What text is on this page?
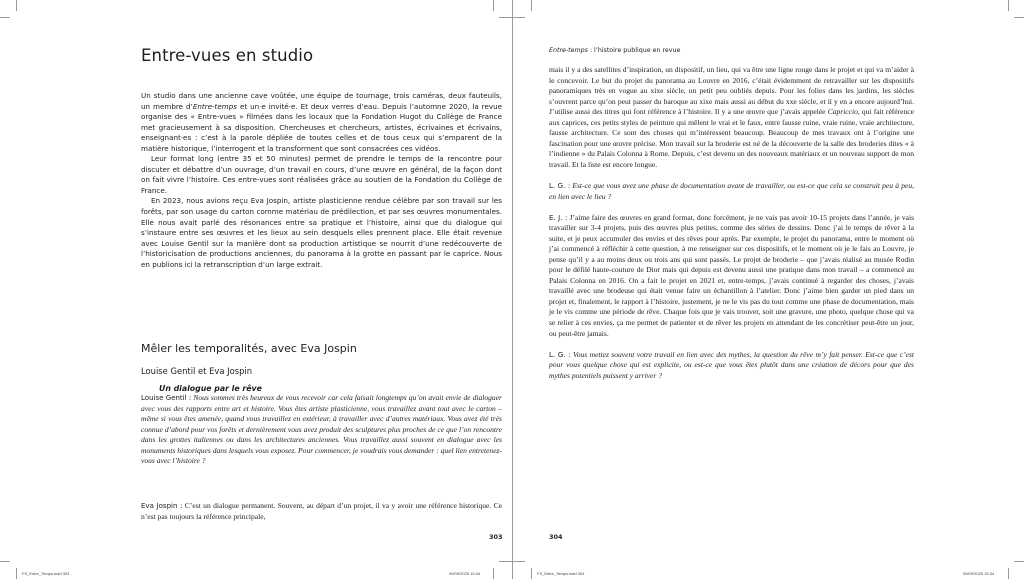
Entre-vues en studio

Un studio dans une ancienne cave voûtée, une équipe de tournage, trois caméras, deux fauteuils, un membre d’Entre-temps et un·e invité·e. Et deux verres d’eau. Depuis l’automne 2020, la revue organise des « Entre-vues » filmées dans les locaux que la Fondation Hugot du Collège de France met gracieusement à sa disposition. Chercheuses et chercheurs, artistes, écrivaines et écrivains, enseignant·es : c’est à la parole dépliée de toutes celles et de tous ceux qui s’emparent de la matière historique, l’interrogent et la transforment que sont consacrées ces vidéos.

Leur format long (entre 35 et 50 minutes) permet de prendre le temps de la rencontre pour discuter et débattre d’un ouvrage, d’un travail en cours, d’une œuvre en général, de la façon dont on fait vivre l’histoire. Ces entre-vues sont réalisées grâce au soutien de la Fondation du Collège de France.

En 2023, nous avions reçu Eva Jospin, artiste plasticienne rendue célèbre par son travail sur les forêts, par son usage du carton comme matériau de prédilection, et par ses œuvres monumentales. Elle nous avait parlé des résonances entre sa pratique et l’histoire, ainsi que du dialogue qui s’instaure entre ses œuvres et les lieux au sein desquels elles prennent place. Elle était revenue avec Louise Gentil sur la manière dont sa production artistique se nourrit d’une redécouverte de l’historicisation de productions anciennes, du panorama à la grotte en passant par le caprice. Nous en publions ici la retranscription d’un large extrait.

Mêler les temporalités, avec Eva Jospin
Louise Gentil et Eva Jospin
Un dialogue par le rêve

Louise Gentil : Nous sommes très heureux de vous recevoir car cela faisait longtemps qu’on avait envie de dialoguer avec vous des rapports entre art et histoire. Vous êtes artiste plasticienne, vous travaillez avant tout avec le carton – même si vous êtes amenée, quand vous travaillez en extérieur, à travailler avec d’autres matériaux. Vous avez été très connue d’abord pour vos forêts et dernièrement vous avez produit des sculptures plus proches de ce que l’on rencontre dans les grottes italiennes ou dans les architectures anciennes. Vous travaillez aussi souvent en dialogue avec les monuments historiques dans lesquels vous exposez. Pour commencer, je voudrais vous demander : quel lien entretenez-vous avec l’histoire ?

Eva Jospin : C’est un dialogue permanent. Souvent, au départ d’un projet, il va y avoir une référence historique. Ce n’est pas toujours la référence principale,

303
FS_Entre_Temps.indd 303	09/09/2025 15:34
Entre-temps : l’histoire publique en revue

mais il y a des satellites d’inspiration, un dispositif, un lieu, qui va être une ligne rouge dans le projet et qui va m’aider à le concevoir. Le but du projet du panorama au Louvre en 2016, c’était évidemment de retravailler sur les dispositifs panoramiques très en vogue au xixe siècle, un petit peu oubliés depuis. Pour les folies dans les jardins, les siècles s’ouvrent parce qu’on peut passer du baroque au xixe mais aussi au début du xxe siècle, et il y en a encore aujourd’hui. J’utilise aussi des titres qui font référence à l’histoire. Il y a une œuvre que j’avais appelée Capriccio, qui fait référence aux caprices, ces petits styles de peinture qui mêlent le vrai et le faux, entre fausse ruine, vraie ruine, vraie architecture, fausse architecture. Ce sont des choses qui m’intéressent beaucoup. Beaucoup de mes travaux ont à l’origine une fascination pour une œuvre précise. Mon travail sur la broderie est né de la découverte de la salle des broderies dites « à l’indienne » du Palais Colonna à Rome. Depuis, c’est devenu un des nouveaux matériaux et un nouveau support de mon travail. Et la liste est encore longue.

L. G. : Est-ce que vous avez une phase de documentation avant de travailler, ou est-ce que cela se construit peu à peu, en lien avec le lieu ?

E. J. : J’aime faire des œuvres en grand format, donc forcément, je ne vais pas avoir 10-15 projets dans l’année, je vais travailler sur 3-4 projets, puis des œuvres plus petites, comme des séries de dessins. Donc j’ai le temps de rêver à la suite, et je peux accumuler des envies et des rêves pour après. Par exemple, le projet du panorama, entre le moment où j’ai commencé à réfléchir à cette question, à me renseigner sur ces dispositifs, et le moment où je le fais au Louvre, je pense qu’il y a au moins deux ou trois ans qui sont passés. Le projet de broderie – que j’avais réalisé au musée Rodin pour le défilé haute-couture de Dior mais qui depuis est devenu aussi une pratique dans mon travail – a commencé au Palais Colonna en 2016. On a fait le projet en 2021 et, entre-temps, j’avais continué à regarder des choses, j’avais travaillé avec une brodeuse qui était venue faire un échantillon à l’atelier. Donc j’aime bien garder un pied dans un projet et, finalement, le rapport à l’histoire, justement, je ne le vis pas du tout comme une phase de documentation, mais je le vis comme une période de rêve. Chaque fois que je vais trouver, soit une gravure, une photo, quelque chose qui va se relier à ces envies, ça me permet de patienter et de rêver les projets en attendant de les concrétiser peut-être un jour, ou peut-être jamais.

L. G. : Vous mettez souvent votre travail en lien avec des mythes, la question du rêve m’y fait penser. Est-ce que c’est pour vous quelque chose qui est explicite, ou est-ce que vous êtes plutôt dans une création de décors pour que des mythes potentiels puissent y arriver ?

304
FS_Entre_Temps.indd 304	09/09/2025 15:34
